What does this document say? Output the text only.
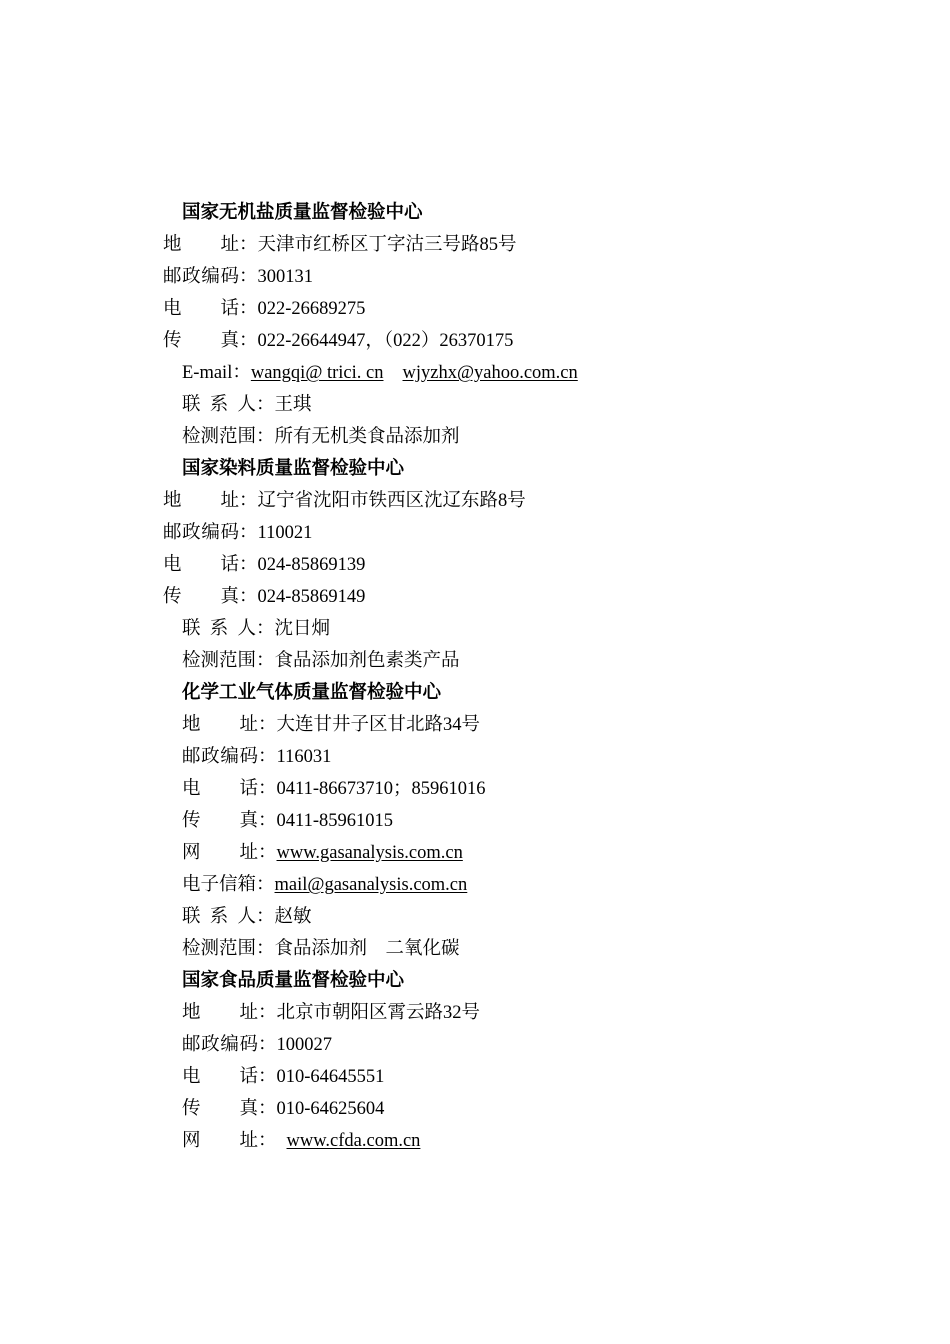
国家无机盐质量监督检验中心
地址：天津市红桥区丁字沽三号路85号
邮政编码：300131
电话：022-26689275
传真：022-26644947，（022）26370175
E-mail：wangqi@ trici. cn wjyzhx@yahoo.com.cn
联  系  人：王琪
检测范围：所有无机类食品添加剂
国家染料质量监督检验中心
地址：辽宁省沈阳市铁西区沈辽东路8号
邮政编码：110021
电话：024-85869139
传真：024-85869149
联  系  人：沈日炯
检测范围：食品添加剂色素类产品
化学工业气体质量监督检验中心
地址：大连甘井子区甘北路34号
邮政编码：116031
电话：0411-86673710；85961016
传真：0411-85961015
网址：www.gasanalysis.com.cn
电子信箱：mail@gasanalysis.com.cn
联  系  人：赵敏
检测范围：食品添加剂    二氧化碳
国家食品质量监督检验中心
地址：北京市朝阳区霄云路32号
邮政编码：100027
电话：010-64645551
传真：010-64625604
网址： www.cfda.com.cn
